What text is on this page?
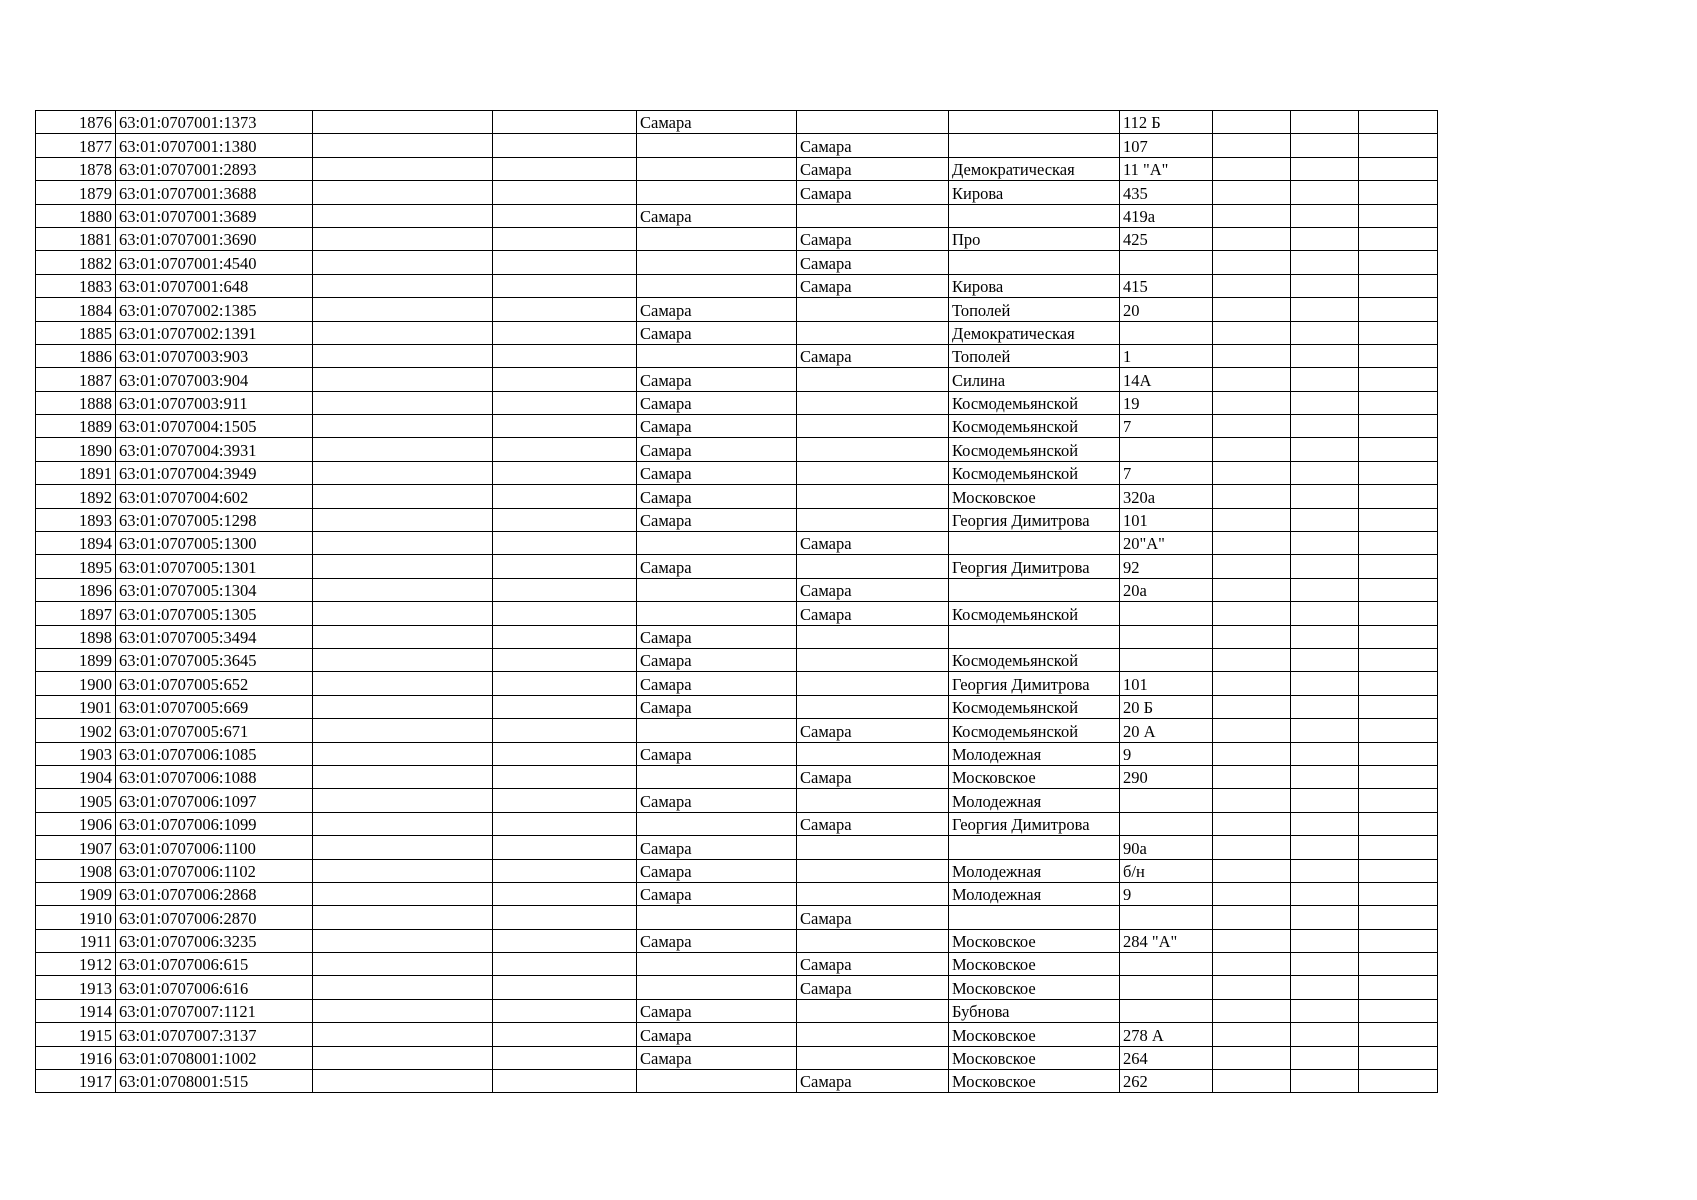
1876	63:01:0707001:1373			Самара			112 Б			
1877	63:01:0707001:1380				Самара		107			
1878	63:01:0707001:2893				Самара	Демократическая	11 "А"			
1879	63:01:0707001:3688				Самара	Кирова	435			
1880	63:01:0707001:3689			Самара			419а			
1881	63:01:0707001:3690				Самара	Про	425			
1882	63:01:0707001:4540				Самара					
1883	63:01:0707001:648				Самара	Кирова	415			
1884	63:01:0707002:1385			Самара		Тополей	20			
1885	63:01:0707002:1391			Самара		Демократическая				
1886	63:01:0707003:903				Самара	Тополей	1			
1887	63:01:0707003:904			Самара		Силина	14А			
1888	63:01:0707003:911			Самара		Космодемьянской	19			
1889	63:01:0707004:1505			Самара		Космодемьянской	7			
1890	63:01:0707004:3931			Самара		Космодемьянской				
1891	63:01:0707004:3949			Самара		Космодемьянской	7			
1892	63:01:0707004:602			Самара		Московское	320а			
1893	63:01:0707005:1298			Самара		Георгия Димитрова	101			
1894	63:01:0707005:1300				Самара		20"А"			
1895	63:01:0707005:1301			Самара		Георгия Димитрова	92			
1896	63:01:0707005:1304				Самара		20а			
1897	63:01:0707005:1305				Самара	Космодемьянской				
1898	63:01:0707005:3494			Самара						
1899	63:01:0707005:3645			Самара		Космодемьянской				
1900	63:01:0707005:652			Самара		Георгия Димитрова	101			
1901	63:01:0707005:669			Самара		Космодемьянской	20 Б			
1902	63:01:0707005:671				Самара	Космодемьянской	20 А			
1903	63:01:0707006:1085			Самара		Молодежная	9			
1904	63:01:0707006:1088				Самара	Московское	290			
1905	63:01:0707006:1097			Самара		Молодежная				
1906	63:01:0707006:1099				Самара	Георгия Димитрова				
1907	63:01:0707006:1100			Самара			90а			
1908	63:01:0707006:1102			Самара		Молодежная	б/н			
1909	63:01:0707006:2868			Самара		Молодежная	9			
1910	63:01:0707006:2870				Самара					
1911	63:01:0707006:3235			Самара		Московское	284 "А"			
1912	63:01:0707006:615				Самара	Московское				
1913	63:01:0707006:616				Самара	Московское				
1914	63:01:0707007:1121			Самара		Бубнова				
1915	63:01:0707007:3137			Самара		Московское	278 А			
1916	63:01:0708001:1002			Самара		Московское	264			
1917	63:01:0708001:515				Самара	Московское	262			
